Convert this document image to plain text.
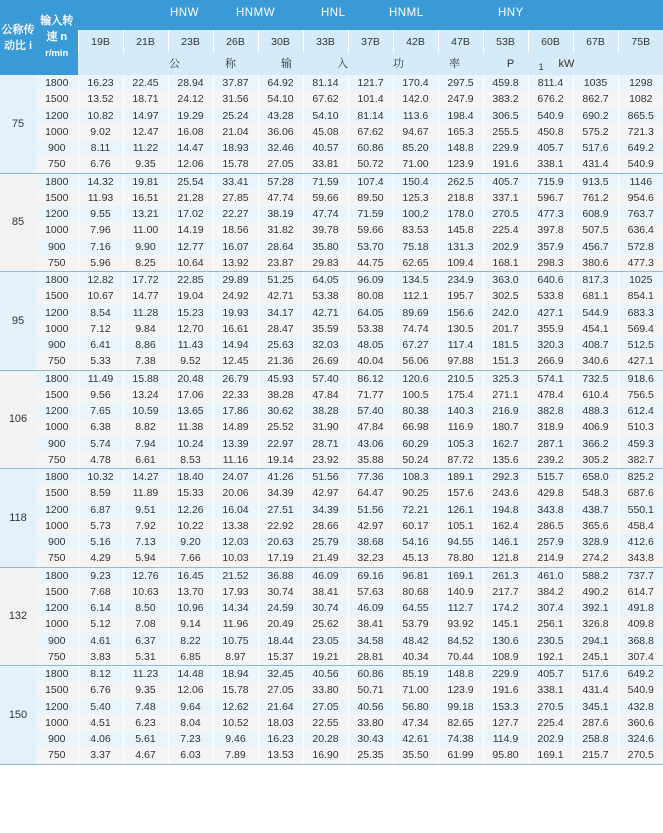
公称传动比 i	输入转
速 n
r/min	HNW HNMW HNL HNML HNY												

		19B	21B	23B	26B	30B	33B	37B	42B	47B	53B	60B	67B	75B
		公 称 输 入 功 率 P $_1$ kW												
75	1800	16.23	22.45	28.94	37.87	64.92	81.14	121.7	170.4	297.5	459.8	811.4	1035	1298
	1500	13.52	18.71	24.12	31.56	54.10	67.62	101.4	142.0	247.9	383.2	676.2	862.7	1082
	1200	10.82	14.97	19.29	25.24	43.28	54.10	81.14	113.6	198.4	306.5	540.9	690.2	865.5
	1000	9.02	12.47	16.08	21.04	36.06	45.08	67.62	94.67	165.3	255.5	450.8	575.2	721.3
	900	8.11	11.22	14.47	18.93	32.46	40.57	60.86	85.20	148.8	229.9	405.7	517.6	649.2
	750	6.76	9.35	12.06	15.78	27.05	33.81	50.72	71.00	123.9	191.6	338.1	431.4	540.9
85	1800	14.32	19.81	25.54	33.41	57.28	71.59	107.4	150.4	262.5	405.7	715.9	913.5	1146
	1500	11.93	16.51	21.28	27.85	47.74	59.66	89.50	125.3	218.8	337.1	596.7	761.2	954.6
	1200	9.55	13.21	17.02	22.27	38.19	47.74	71.59	100.2	178.0	270.5	477.3	608.9	763.7
	1000	7.96	11.00	14.19	18.56	31.82	39.78	59.66	83.53	145.8	225.4	397.8	507.5	636.4
	900	7.16	9.90	12.77	16.07	28.64	35.80	53.70	75.18	131.3	202.9	357.9	456.7	572.8
	750	5.96	8.25	10.64	13.92	23.87	29.83	44.75	62.65	109.4	168.1	298.3	380.6	477.3
95	1800	12.82	17.72	22.85	29.89	51.25	64.05	96.09	134.5	234.9	363.0	640.6	817.3	1025
	1500	10.67	14.77	19.04	24.92	42.71	53.38	80.08	112.1	195.7	302.5	533.8	681.1	854.1
	1200	8.54	11.28	15.23	19.93	34.17	42.71	64.05	89.69	156.6	242.0	427.1	544.9	683.3
	1000	7.12	9.84	12.70	16.61	28.47	35.59	53.38	74.74	130.5	201.7	355.9	454.1	569.4
	900	6.41	8.86	11.43	14.94	25.63	32.03	48.05	67.27	117.4	181.5	320.3	408.7	512.5
	750	5.33	7.38	9.52	12.45	21.36	26.69	40.04	56.06	97.88	151.3	266.9	340.6	427.1
106	1800	11.49	15.88	20.48	26.79	45.93	57.40	86.12	120.6	210.5	325.3	574.1	732.5	918.6
	1500	9.56	13.24	17.06	22.33	38.28	47.84	71.77	100.5	175.4	271.1	478.4	610.4	756.5
	1200	7.65	10.59	13.65	17.86	30.62	38.28	57.40	80.38	140.3	216.9	382.8	488.3	612.4
	1000	6.38	8.82	11.38	14.89	25.52	31.90	47.84	66.98	116.9	180.7	318.9	406.9	510.3
	900	5.74	7.94	10.24	13.39	22.97	28.71	43.06	60.29	105.3	162.7	287.1	366.2	459.3
	750	4.78	6.61	8.53	11.16	19.14	23.92	35.88	50.24	87.72	135.6	239.2	305.2	382.7
118	1800	10.32	14.27	18.40	24.07	41.26	51.56	77.36	108.3	189.1	292.3	515.7	658.0	825.2
	1500	8.59	11.89	15.33	20.06	34.39	42.97	64.47	90.25	157.6	243.6	429.8	548.3	687.6
	1200	6.87	9.51	12.26	16.04	27.51	34.39	51.56	72.21	126.1	194.8	343.8	438.7	550.1
	1000	5.73	7.92	10.22	13.38	22.92	28.66	42.97	60.17	105.1	162.4	286.5	365.6	458.4
	900	5.16	7.13	9.20	12.03	20.63	25.79	38.68	54.16	94.55	146.1	257.9	328.9	412.6
	750	4.29	5.94	7.66	10.03	17.19	21.49	32.23	45.13	78.80	121.8	214.9	274.2	343.8
132	1800	9.23	12.76	16.45	21.52	36.88	46.09	69.16	96.81	169.1	261.3	461.0	588.2	737.7
	1500	7.68	10.63	13.70	17.93	30.74	38.41	57.63	80.68	140.9	217.7	384.2	490.2	614.7
	1200	6.14	8.50	10.96	14.34	24.59	30.74	46.09	64.55	112.7	174.2	307.4	392.1	491.8
	1000	5.12	7.08	9.14	11.96	20.49	25.62	38.41	53.79	93.92	145.1	256.1	326.8	409.8
	900	4.61	6.37	8.22	10.75	18.44	23.05	34.58	48.42	84.52	130.6	230.5	294.1	368.8
	750	3.83	5.31	6.85	8.97	15.37	19.21	28.81	40.34	70.44	108.9	192.1	245.1	307.4
150	1800	8.12	11.23	14.48	18.94	32.45	40.56	60.86	85.19	148.8	229.9	405.7	517.6	649.2
	1500	6.76	9.35	12.06	15.78	27.05	33.80	50.71	71.00	123.9	191.6	338.1	431.4	540.9
	1200	5.40	7.48	9.64	12.62	21.64	27.05	40.56	56.80	99.18	153.3	270.5	345.1	432.8
	1000	4.51	6.23	8.04	10.52	18.03	22.55	33.80	47.34	82.65	127.7	225.4	287.6	360.6
	900	4.06	5.61	7.23	9.46	16.23	20.28	30.43	42.61	74.38	114.9	202.9	258.8	324.6
	750	3.37	4.67	6.03	7.89	13.53	16.90	25.35	35.50	61.99	95.80	169.1	215.7	270.5
